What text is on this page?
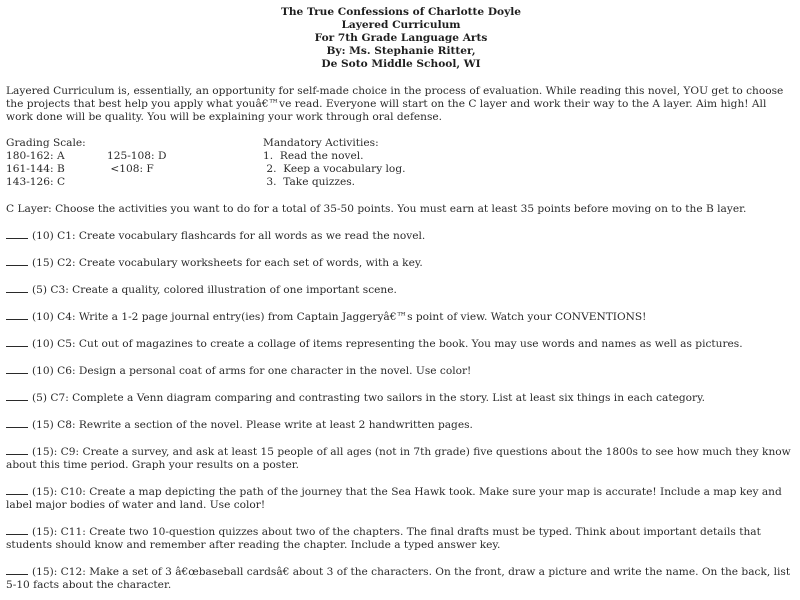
The True Confessions of Charlotte Doyle
Layered Curriculum
For 7th Grade Language Arts
By: Ms. Stephanie Ritter,
De Soto Middle School, WI
Layered Curriculum is, essentially, an opportunity for self-made choice in the process of evaluation. While reading this novel, YOU get to choose the projects that best help you apply what youâ€™ve read. Everyone will start on the C layer and work their way to the A layer. Aim high! All work done will be quality. You will be explaining your work through oral defense.
Grading Scale:
180-162: A
161-144: B
143-126: C
125-108: D
<108: F
Mandatory Activities:
1.  Read the novel.
2.  Keep a vocabulary log.
3.  Take quizzes.
C Layer: Choose the activities you want to do for a total of 35-50 points. You must earn at least 35 points before moving on to the B layer.
(10) C1: Create vocabulary flashcards for all words as we read the novel.
(15) C2: Create vocabulary worksheets for each set of words, with a key.
(5) C3: Create a quality, colored illustration of one important scene.
(10) C4: Write a 1-2 page journal entry(ies) from Captain Jaggeryâ€™s point of view. Watch your CONVENTIONS!
(10) C5: Cut out of magazines to create a collage of items representing the book. You may use words and names as well as pictures.
(10) C6: Design a personal coat of arms for one character in the novel. Use color!
(5) C7: Complete a Venn diagram comparing and contrasting two sailors in the story. List at least six things in each category.
(15) C8: Rewrite a section of the novel. Please write at least 2 handwritten pages.
(15): C9: Create a survey, and ask at least 15 people of all ages (not in 7th grade) five questions about the 1800s to see how much they know about this time period. Graph your results on a poster.
(15): C10: Create a map depicting the path of the journey that the Sea Hawk took. Make sure your map is accurate! Include a map key and label major bodies of water and land. Use color!
(15): C11: Create two 10-question quizzes about two of the chapters. The final drafts must be typed. Think about important details that students should know and remember after reading the chapter. Include a typed answer key.
(15): C12: Make a set of 3 â€œbaseball cardsâ€ about 3 of the characters. On the front, draw a picture and write the name. On the back, list 5-10 facts about the character.
